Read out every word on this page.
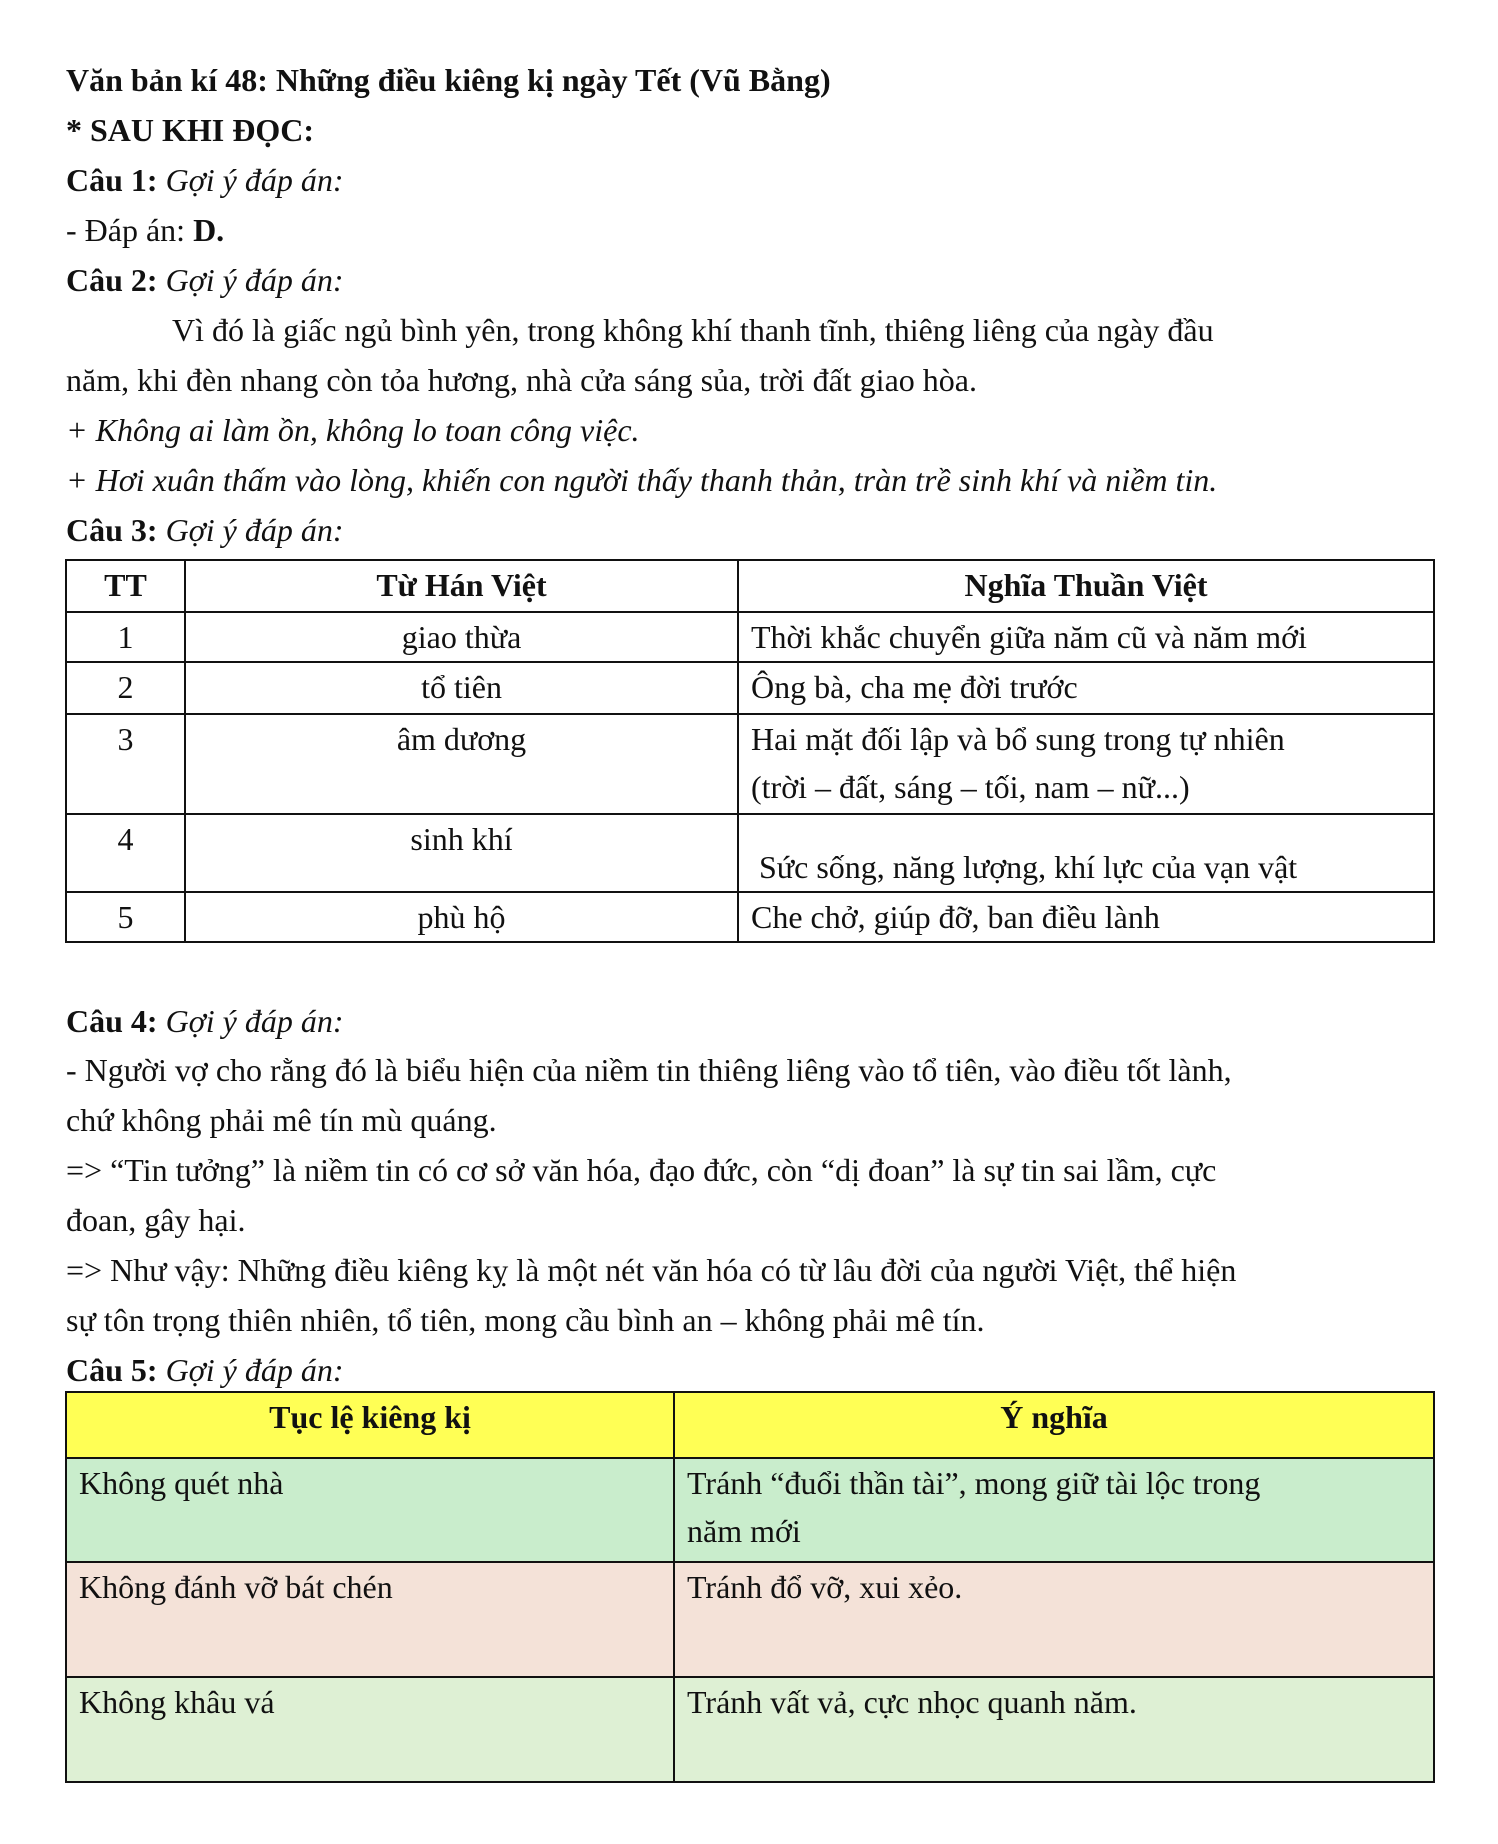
Văn bản kí 48: Những điều kiêng kị ngày Tết (Vũ Bằng)
* SAU KHI ĐỌC:
Câu 1: Gợi ý đáp án:
- Đáp án: D.
Câu 2: Gợi ý đáp án:
Vì đó là giấc ngủ bình yên, trong không khí thanh tĩnh, thiêng liêng của ngày đầu
năm, khi đèn nhang còn tỏa hương, nhà cửa sáng sủa, trời đất giao hòa.
+ Không ai làm ồn, không lo toan công việc.
+ Hơi xuân thấm vào lòng, khiến con người thấy thanh thản, tràn trề sinh khí và niềm tin.
Câu 3: Gợi ý đáp án:
TT	Từ Hán Việt	Nghĩa Thuần Việt
1	giao thừa	Thời khắc chuyển giữa năm cũ và năm mới
2	tổ tiên	Ông bà, cha mẹ đời trước
3	âm dương	Hai mặt đối lập và bổ sung trong tự nhiên
(trời – đất, sáng – tối, nam – nữ...)

4	sinh khí	Sức sống, năng lượng, khí lực của vạn vật
5	phù hộ	Che chở, giúp đỡ, ban điều lành
Câu 4: Gợi ý đáp án:
- Người vợ cho rằng đó là biểu hiện của niềm tin thiêng liêng vào tổ tiên, vào điều tốt lành,
chứ không phải mê tín mù quáng.
=> “Tin tưởng” là niềm tin có cơ sở văn hóa, đạo đức, còn “dị đoan” là sự tin sai lầm, cực
đoan, gây hại.
=> Như vậy: Những điều kiêng kỵ là một nét văn hóa có từ lâu đời của người Việt, thể hiện
sự tôn trọng thiên nhiên, tổ tiên, mong cầu bình an – không phải mê tín.
Câu 5: Gợi ý đáp án:
Tục lệ kiêng kị	Ý nghĩa
Không quét nhà	Tránh “đuổi thần tài”, mong giữ tài lộc trong
năm mới

Không đánh vỡ bát chén	Tránh đổ vỡ, xui xẻo.
Không khâu vá	Tránh vất vả, cực nhọc quanh năm.
